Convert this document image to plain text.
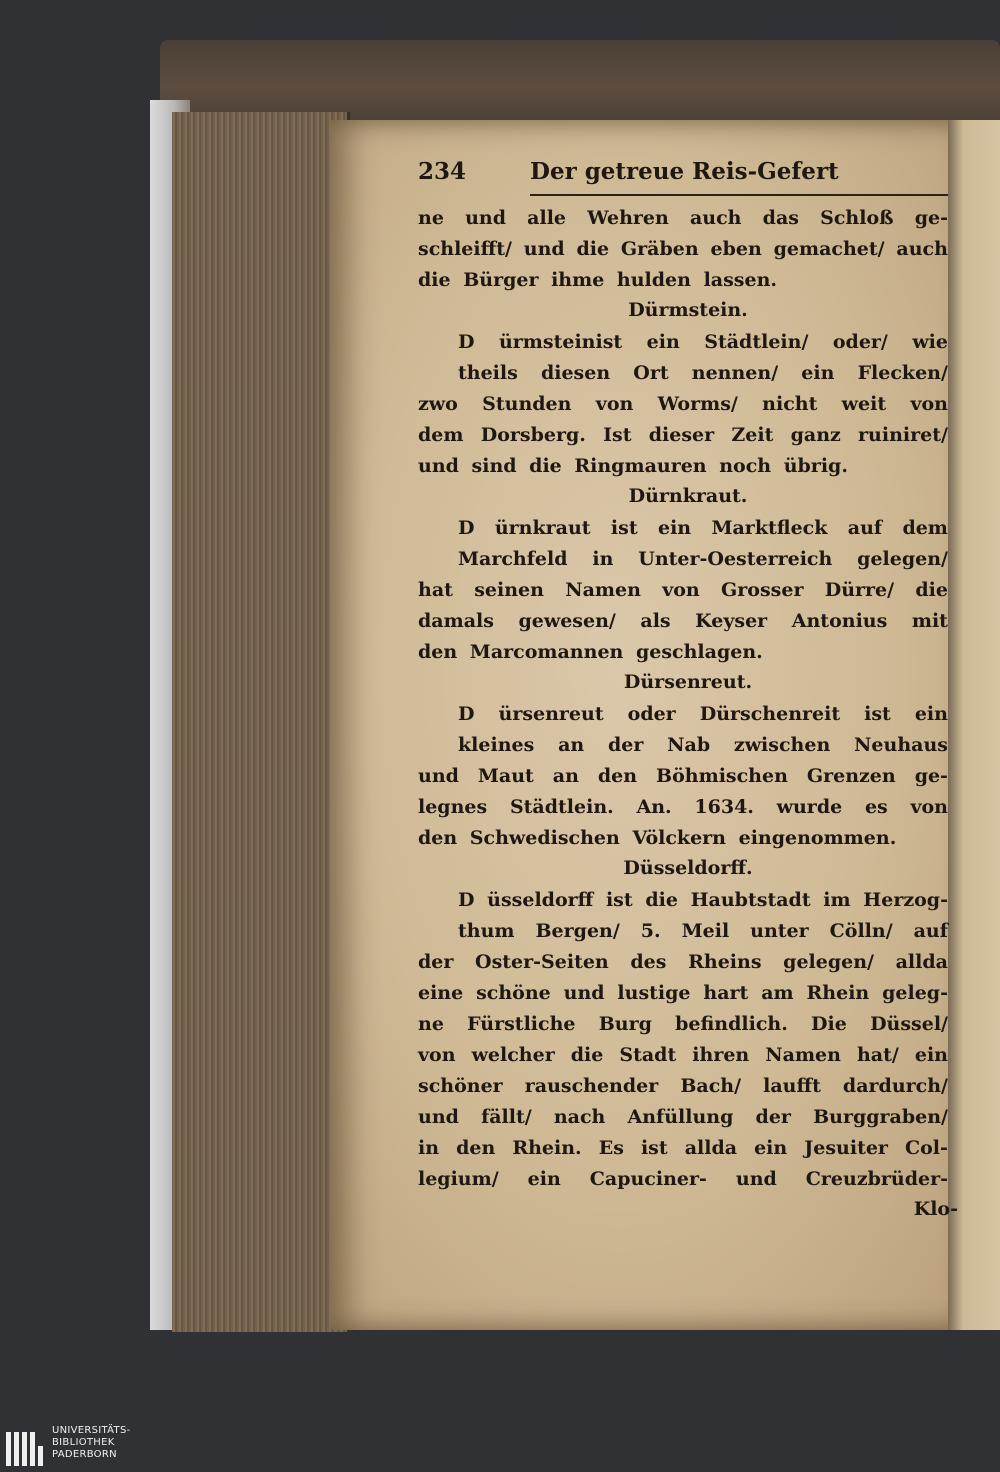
234	Der getreue Reis-Gefert
ne und alle Wehren auch das Schloß ge-
schleifft/ und die Gräben eben gemachet/ auch
die Bürger ihme hulden lassen.
Dürmstein.
D ürmsteinist ein Städtlein/ oder/ wie
theils diesen Ort nennen/ ein Flecken/
zwo Stunden von Worms/ nicht weit von
dem Dorsberg. Ist dieser Zeit ganz ruiniret/
und sind die Ringmauren noch übrig.
Dürnkraut.
D ürnkraut ist ein Marktfleck auf dem
Marchfeld in Unter-Oesterreich gelegen/
hat seinen Namen von Grosser Dürre/ die
damals gewesen/ als Keyser Antonius mit
den Marcomannen geschlagen.
Dürsenreut.
D ürsenreut oder Dürschenreit ist ein
kleines an der Nab zwischen Neuhaus
und Maut an den Böhmischen Grenzen ge-
legnes Städtlein. An. 1634. wurde es von
den Schwedischen Völckern eingenommen.
Düsseldorff.
D üsseldorff ist die Haubtstadt im Herzog-
thum Bergen/ 5. Meil unter Cölln/ auf
der Oster-Seiten des Rheins gelegen/ allda
eine schöne und lustige hart am Rhein geleg-
ne Fürstliche Burg befindlich. Die Düssel/
von welcher die Stadt ihren Namen hat/ ein
schöner rauschender Bach/ laufft dardurch/
und fällt/ nach Anfüllung der Burggraben/
in den Rhein. Es ist allda ein Jesuiter Col-
legium/ ein Capuciner- und Creuzbrüder-
Klo-
UNIVERSITÄTS-
BIBLIOTHEK
PADERBORN
